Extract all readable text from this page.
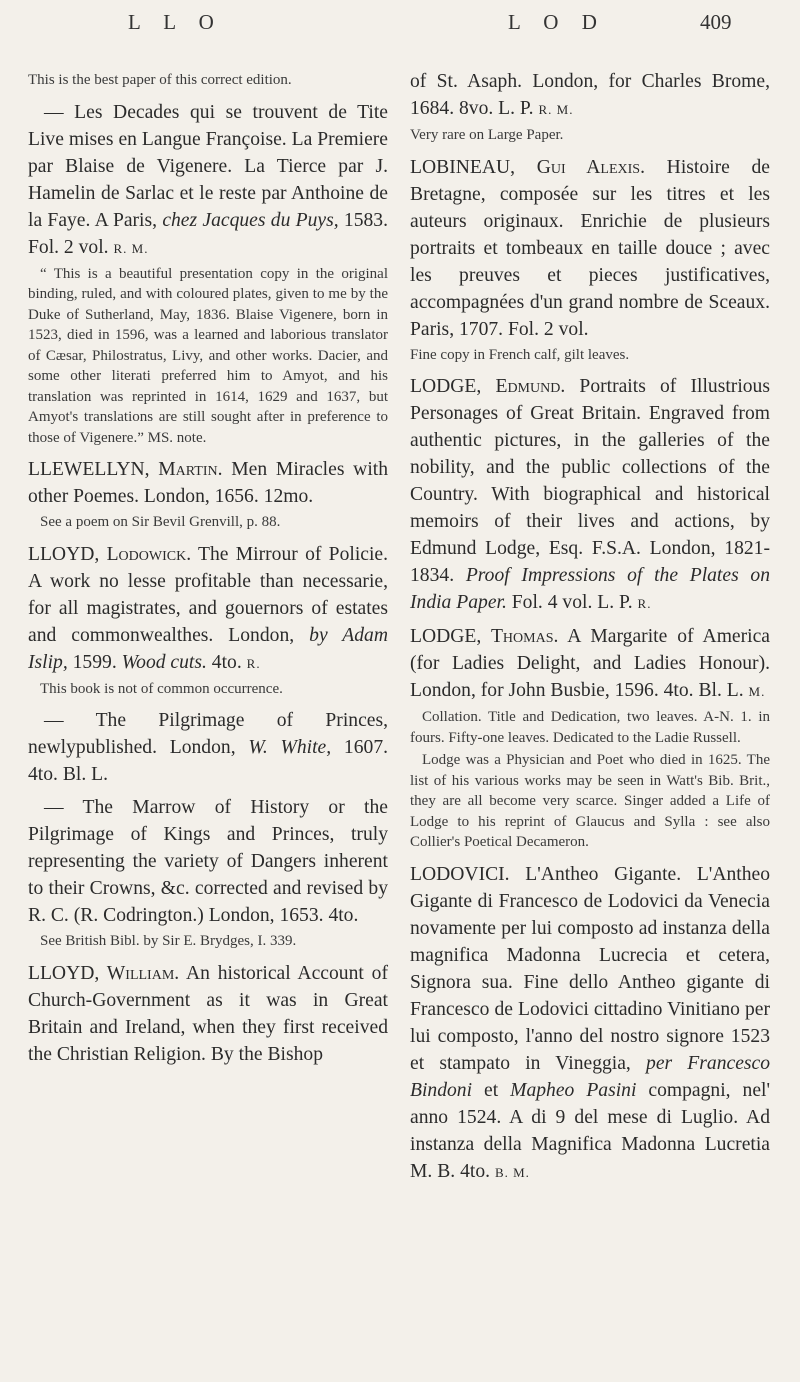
L L O	L O D	409

This is the best paper of this correct edition.

— Les Decades qui se trouvent de Tite Live mises en Langue Françoise. La Premiere par Blaise de Vigenere. La Tierce par J. Hamelin de Sarlac et le reste par Anthoine de la Faye. A Paris, chez Jacques du Puys, 1583. Fol. 2 vol. R. M.

“ This is a beautiful presentation copy in the original binding, ruled, and with coloured plates, given to me by the Duke of Sutherland, May, 1836. Blaise Vigenere, born in 1523, died in 1596, was a learned and laborious translator of Cæsar, Philostratus, Livy, and other works. Dacier, and some other literati preferred him to Amyot, and his translation was reprinted in 1614, 1629 and 1637, but Amyot's translations are still sought after in preference to those of Vigenere.” MS. note.

LLEWELLYN, Martin. Men Miracles with other Poemes. London, 1656. 12mo.

See a poem on Sir Bevil Grenvill, p. 88.

LLOYD, Lodowick. The Mirrour of Policie. A work no lesse profitable than necessarie, for all magistrates, and gouernors of estates and commonwealthes. London, by Adam Islip, 1599. Wood cuts. 4to. R.

This book is not of common occurrence.

— The Pilgrimage of Princes, newlypublished. London, W. White, 1607. 4to. Bl. L.

— The Marrow of History or the Pilgrimage of Kings and Princes, truly representing the variety of Dangers inherent to their Crowns, &c. corrected and revised by R. C. (R. Codrington.) London, 1653. 4to.

See British Bibl. by Sir E. Brydges, I. 339.

LLOYD, William. An historical Account of Church-Government as it was in Great Britain and Ireland, when they first received the Christian Religion. By the Bishop

of St. Asaph. London, for Charles Brome, 1684. 8vo. L. P. R. M.

Very rare on Large Paper.

LOBINEAU, Gui Alexis. Histoire de Bretagne, composée sur les titres et les auteurs originaux. Enrichie de plusieurs portraits et tombeaux en taille douce ; avec les preuves et pieces justificatives, accompagnées d'un grand nombre de Sceaux. Paris, 1707. Fol. 2 vol.

Fine copy in French calf, gilt leaves.

LODGE, Edmund. Portraits of Illustrious Personages of Great Britain. Engraved from authentic pictures, in the galleries of the nobility, and the public collections of the Country. With biographical and historical memoirs of their lives and actions, by Edmund Lodge, Esq. F.S.A. London, 1821-1834. Proof Impressions of the Plates on India Paper. Fol. 4 vol. L. P. R.

LODGE, Thomas. A Margarite of America (for Ladies Delight, and Ladies Honour). London, for John Busbie, 1596. 4to. Bl. L. M.

Collation. Title and Dedication, two leaves. A-N. 1. in fours. Fifty-one leaves. Dedicated to the Ladie Russell.

Lodge was a Physician and Poet who died in 1625. The list of his various works may be seen in Watt's Bib. Brit., they are all become very scarce. Singer added a Life of Lodge to his reprint of Glaucus and Sylla : see also Collier's Poetical Decameron.

LODOVICI. L'Antheo Gigante. L'Antheo Gigante di Francesco de Lodovici da Venecia novamente per lui composto ad instanza della magnifica Madonna Lucrecia et cetera, Signora sua. Fine dello Antheo gigante di Francesco de Lodovici cittadino Vinitiano per lui composto, l'anno del nostro signore 1523 et stampato in Vineggia, per Francesco Bindoni et Mapheo Pasini compagni, nel' anno 1524. A di 9 del mese di Luglio. Ad instanza della Magnifica Madonna Lucretia M. B. 4to. B. M.
